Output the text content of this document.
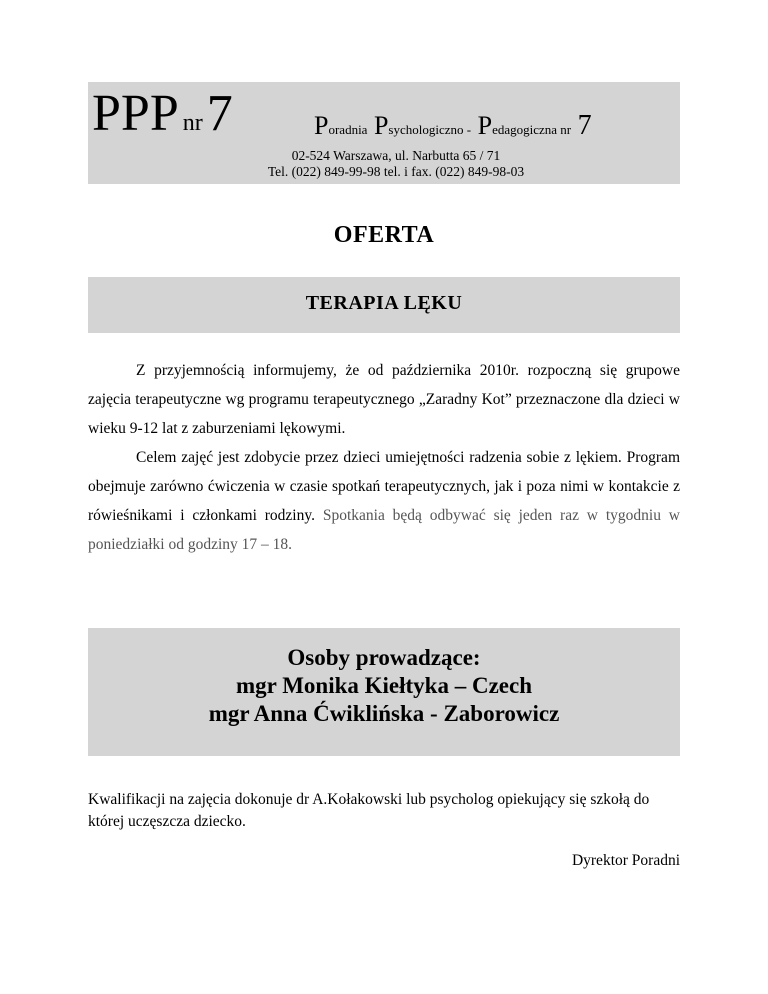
PPP nr 7	Poradnia  Psychologiczno -  Pedagogiczna nr  7
02-524 Warszawa, ul. Narbutta 65 / 71
Tel. (022) 849-99-98 tel. i fax. (022) 849-98-03
OFERTA
TERAPIA LĘKU

Z przyjemnością informujemy, że od października 2010r. rozpoczną się grupowe zajęcia terapeutyczne wg programu terapeutycznego „Zaradny Kot” przeznaczone dla dzieci w wieku 9-12 lat z zaburzeniami lękowymi.

Celem zajęć jest zdobycie przez dzieci umiejętności radzenia sobie z lękiem. Program obejmuje zarówno ćwiczenia w czasie spotkań terapeutycznych, jak i poza nimi w kontakcie z rówieśnikami i członkami rodziny. Spotkania będą odbywać się jeden raz w tygodniu w poniedziałki od godziny 17 – 18.

Osoby prowadzące:
mgr Monika Kiełtyka – Czech
mgr Anna Ćwiklińska - Zaborowicz
Kwalifikacji na zajęcia dokonuje dr A.Kołakowski lub psycholog opiekujący się szkołą do której uczęszcza dziecko.
Dyrektor Poradni
